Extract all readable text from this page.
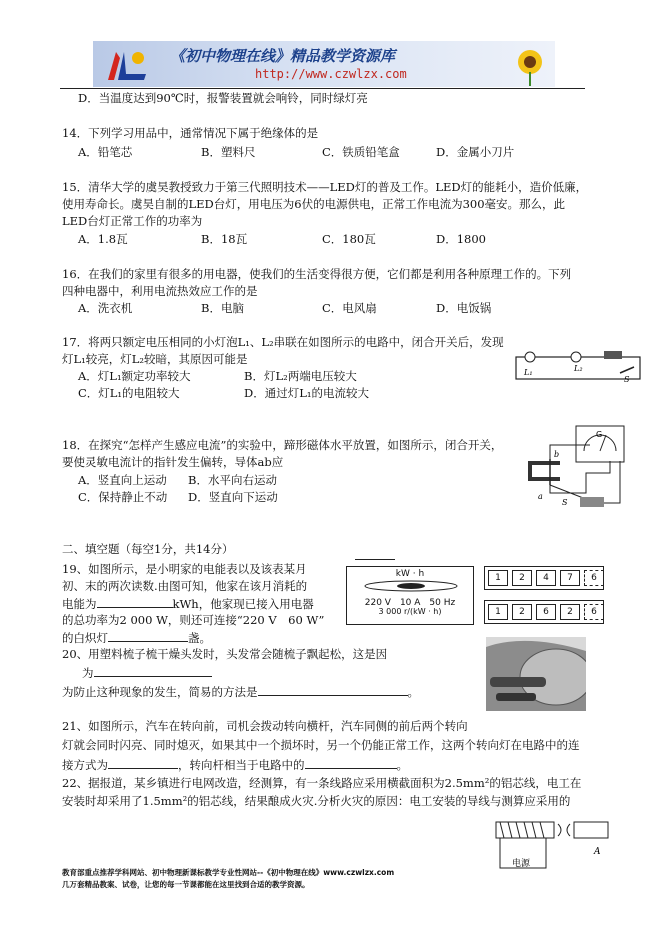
《初中物理在线》精品教学资源库
http://www.czwlzx.com
D．当温度达到90℃时，报警装置就会响铃，同时绿灯亮
14．下列学习用品中，通常情况下属于绝缘体的是
A．铅笔芯	B．塑料尺	C．铁质铅笔盒	D．金属小刀片
15．清华大学的虞昊教授致力于第三代照明技术——LED灯的普及工作。LED灯的能耗小，造价低廉，
使用寿命长。虞昊自制的LED台灯，用电压为6伏的电源供电，正常工作电流为300毫安。那么，此
LED台灯正常工作的功率为
A．1.8瓦	B．18瓦	C．180瓦	D．1800
16．在我们的家里有很多的用电器，使我们的生活变得很方便，它们都是利用各种原理工作的。下列
四种电器中，利用电流热效应工作的是
A．洗衣机	B．电脑	C．电风扇	D．电饭锅
17．将两只额定电压相同的小灯泡L₁、L₂串联在如图所示的电路中，闭合开关后，发现
灯L₁较亮，灯L₂较暗，其原因可能是
A．灯L₁额定功率较大	B．灯L₂两端电压较大
C．灯L₁的电阻较大	D．通过灯L₁的电流较大
L₁	L₂
S
18．在探究“怎样产生感应电流”的实验中，蹄形磁体水平放置，如图所示，闭合开关，
要使灵敏电流计的指针发生偏转，导体ab应
A．竖直向上运动 B．水平向右运动
C．保持静止不动 D．竖直向下运动
G
N
b
a
S
二、填空题（每空1分，共14分）
19、如图所示，是小明家的电能表以及该表某月
初、末的两次读数.由图可知，他家在该月消耗的
电能为	kWh，他家现已接入用电器
的总功率为2 000 W，则还可连接“220 V　60 W”
的白炽灯	盏。
kW · h
220 V　10 A　50 Hz
3 000 r/(kW · h)
1	2	4	7	6
1	2	6	2	6
20、用塑料梳子梳干燥头发时，头发常会随梳子飘起松，这是因
为
为防止这种现象的发生，简易的方法是	。
21、如图所示，汽车在转向前，司机会拨动转向横杆，汽车同侧的前后两个转向
灯就会同时闪亮、同时熄灭，如果其中一个损坏时，另一个仍能正常工作，这两个转向灯在电路中的连
接方式为	，转向杆相当于电路中的	。
22、据报道，某乡镇进行电网改造，经测算，有一条线路应采用横截面积为2.5mm²的铝芯线，电工在
安装时却采用了1.5mm²的铝芯线，结果酿成火灾.分析火灾的原因：电工安装的导线与测算应采用的
A
电源
教育部重点推荐学科网站、初中物理新课标教学专业性网站--《初中物理在线》www.czwlzx.com
几万套精品教案、试卷，让您的每一节课都能在这里找到合适的教学资源。
